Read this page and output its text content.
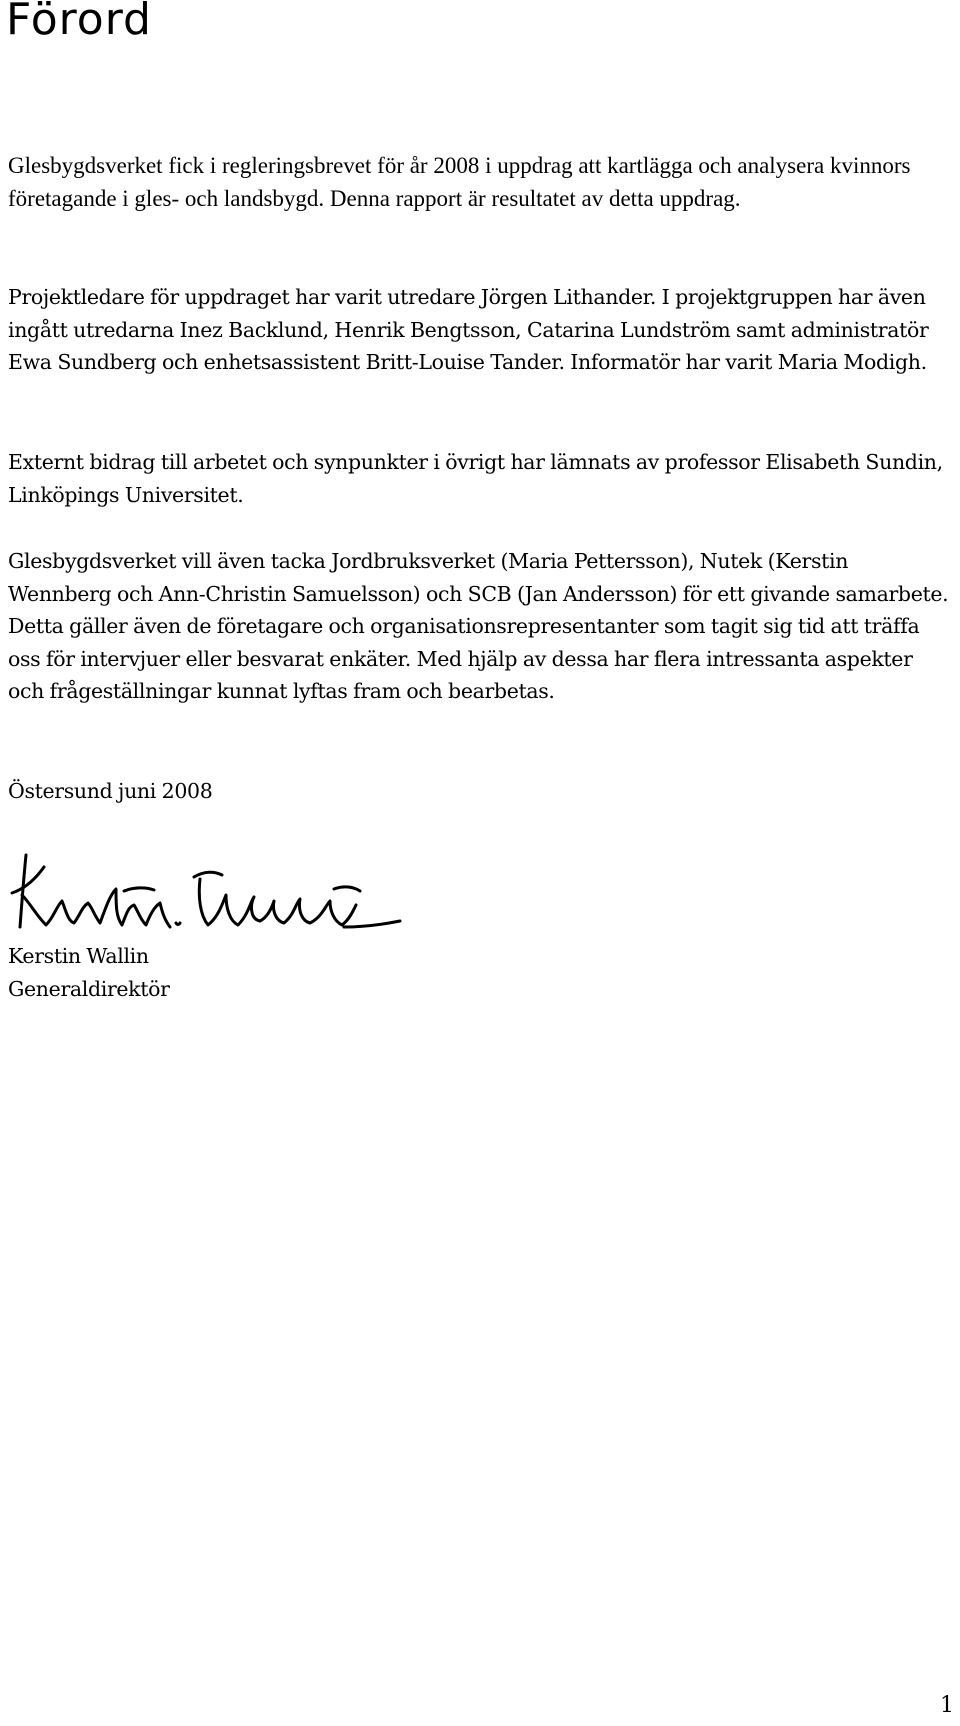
Förord

Glesbygdsverket fick i regleringsbrevet för år 2008 i uppdrag att kartlägga och analysera kvinnors företagande i gles- och landsbygd. Denna rapport är resultatet av detta uppdrag.

Projektledare för uppdraget har varit utredare Jörgen Lithander. I projektgruppen har även ingått utredarna Inez Backlund, Henrik Bengtsson, Catarina Lundström samt administratör Ewa Sundberg och enhetsassistent Britt-Louise Tander. Informatör har varit Maria Modigh.

Externt bidrag till arbetet och synpunkter i övrigt har lämnats av professor Elisabeth Sundin, Linköpings Universitet.

Glesbygdsverket vill även tacka Jordbruksverket (Maria Pettersson), Nutek (Kerstin Wennberg och Ann-Christin Samuelsson) och SCB (Jan Andersson) för ett givande samarbete. Detta gäller även de företagare och organisationsrepresentanter som tagit sig tid att träffa oss för intervjuer eller besvarat enkäter. Med hjälp av dessa har flera intressanta aspekter och frågeställningar kunnat lyftas fram och bearbetas.

Östersund juni 2008

Kerstin Wallin
Generaldirektör
1
